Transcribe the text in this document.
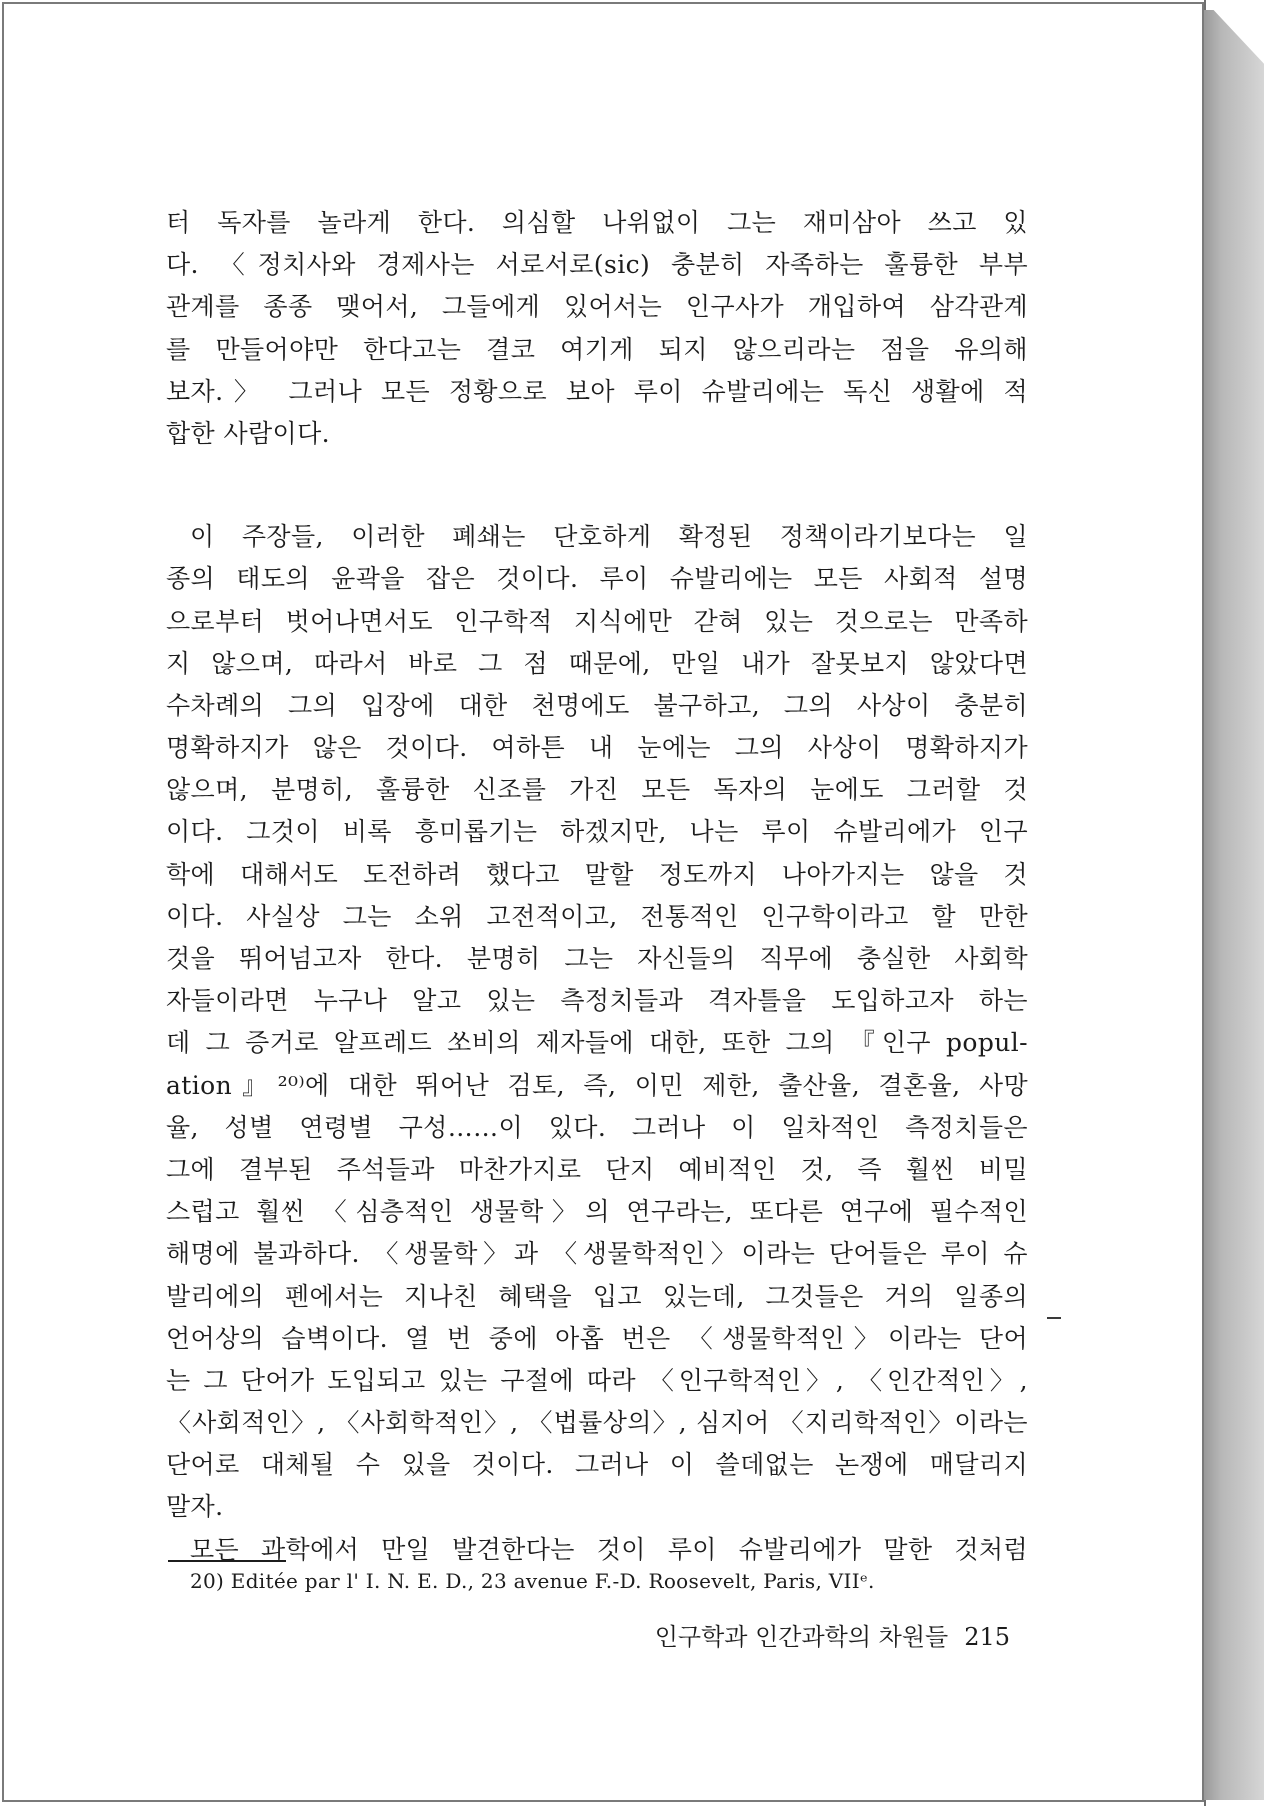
터 독자를 놀라게 한다. 의심할 나위없이 그는 재미삼아 쓰고 있
다. 〈정치사와 경제사는 서로서로(sic) 충분히 자족하는 훌륭한 부부
관계를 종종 맺어서, 그들에게 있어서는 인구사가 개입하여 삼각관계
를 만들어야만 한다고는 결코 여기게 되지 않으리라는 점을 유의해
보자.〉 그러나 모든 정황으로 보아 루이 슈발리에는 독신 생활에 적
합한 사람이다.
이 주장들, 이러한 폐쇄는 단호하게 확정된 정책이라기보다는 일
종의 태도의 윤곽을 잡은 것이다. 루이 슈발리에는 모든 사회적 설명
으로부터 벗어나면서도 인구학적 지식에만 갇혀 있는 것으로는 만족하
지 않으며, 따라서 바로 그 점 때문에, 만일 내가 잘못보지 않았다면
수차례의 그의 입장에 대한 천명에도 불구하고, 그의 사상이 충분히
명확하지가 않은 것이다. 여하튼 내 눈에는 그의 사상이 명확하지가
않으며, 분명히, 훌륭한 신조를 가진 모든 독자의 눈에도 그러할 것
이다. 그것이 비록 흥미롭기는 하겠지만, 나는 루이 슈발리에가 인구
학에 대해서도 도전하려 했다고 말할 정도까지 나아가지는 않을 것
이다. 사실상 그는 소위 고전적이고, 전통적인 인구학이라고 할 만한
것을 뛰어넘고자 한다. 분명히 그는 자신들의 직무에 충실한 사회학
자들이라면 누구나 알고 있는 측정치들과 격자틀을 도입하고자 하는
데 그 증거로 알프레드 쏘비의 제자들에 대한, 또한 그의 『인구 popul-
ation』²⁰⁾에 대한 뛰어난 검토, 즉, 이민 제한, 출산율, 결혼율, 사망
율, 성별 연령별 구성……이 있다. 그러나 이 일차적인 측정치들은
그에 결부된 주석들과 마찬가지로 단지 예비적인 것, 즉 훨씬 비밀
스럽고 훨씬 〈심층적인 생물학〉의 연구라는, 또다른 연구에 필수적인
해명에 불과하다. 〈생물학〉과 〈생물학적인〉이라는 단어들은 루이 슈
발리에의 펜에서는 지나친 혜택을 입고 있는데, 그것들은 거의 일종의
언어상의 습벽이다. 열 번 중에 아홉 번은 〈생물학적인〉이라는 단어
는 그 단어가 도입되고 있는 구절에 따라 〈인구학적인〉, 〈인간적인〉,
〈사회적인〉, 〈사회학적인〉, 〈법률상의〉, 심지어 〈지리학적인〉이라는
단어로 대체될 수 있을 것이다. 그러나 이 쓸데없는 논쟁에 매달리지
말자.
모든 과학에서 만일 발견한다는 것이 루이 슈발리에가 말한 것처럼
20) Editée par l' I. N. E. D., 23 avenue F.-D. Roosevelt, Paris, VIIᵉ.
인구학과 인간과학의 차원들 215
